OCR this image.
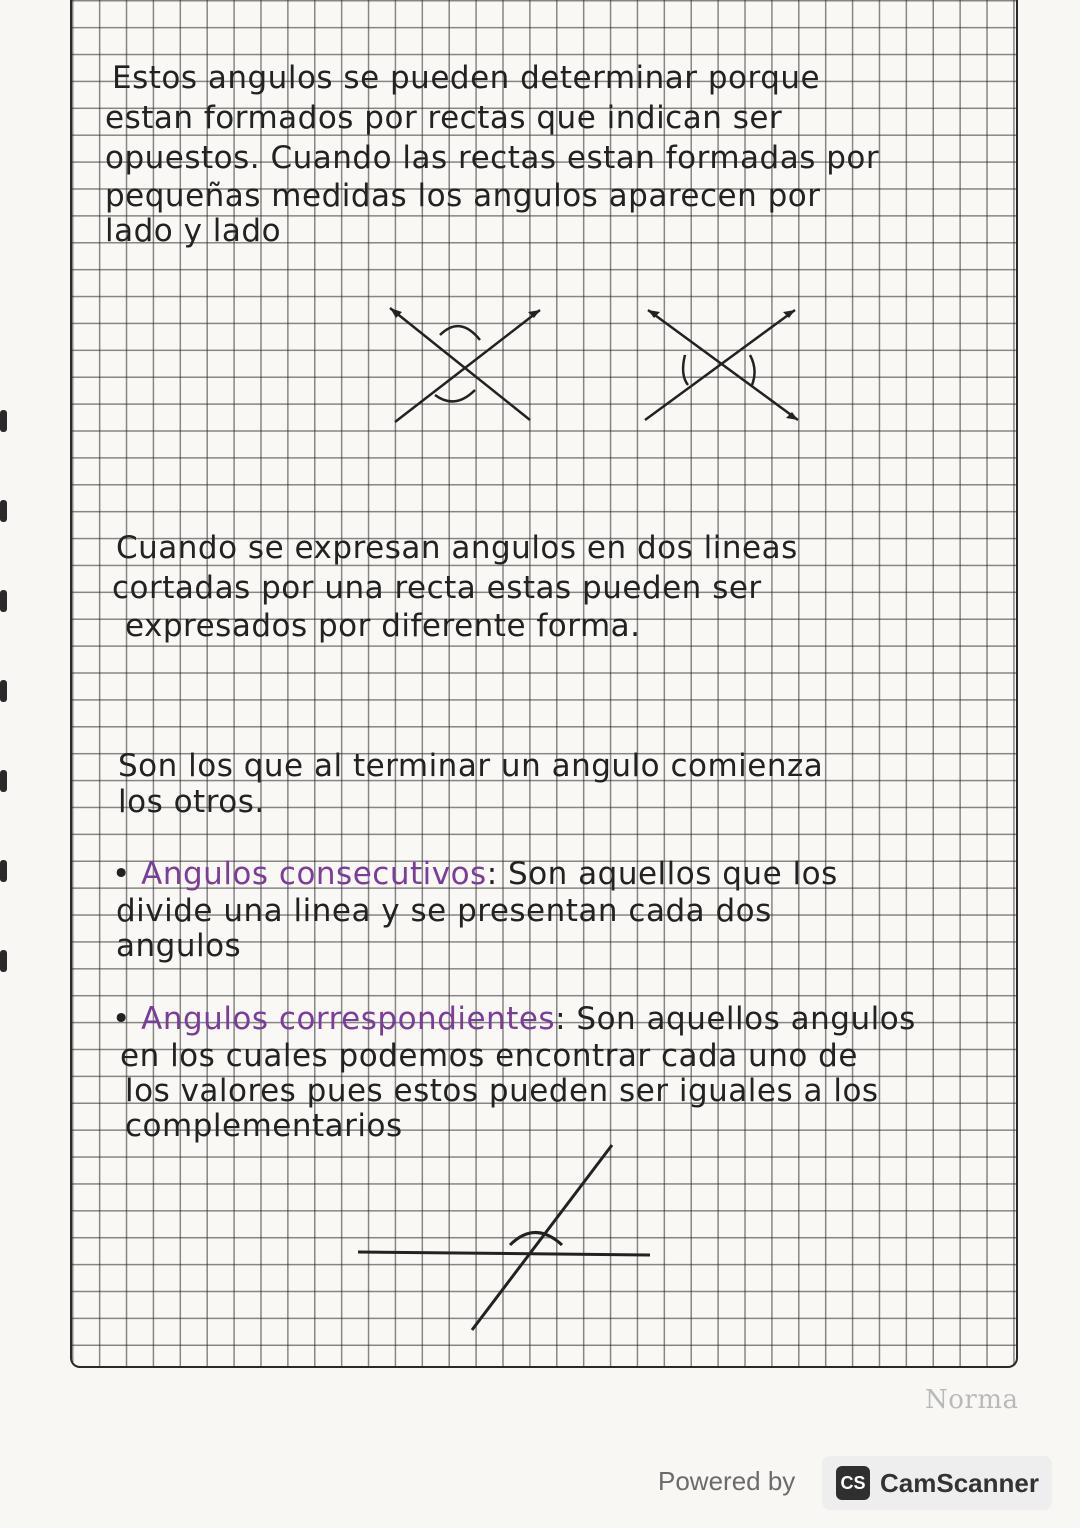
Estos angulos se pueden determinar porque
estan formados por rectas que indican ser
opuestos. Cuando las rectas estan formadas por
pequeñas medidas los angulos aparecen por
lado y lado
Cuando se expresan angulos en dos lineas
cortadas por una recta estas pueden ser
expresados por diferente forma.
Son los que al terminar un angulo comienza
los otros.
• Angulos consecutivos: Son aquellos que los
divide una linea y se presentan cada dos
angulos
• Angulos correspondientes: Son aquellos angulos
en los cuales podemos encontrar cada uno de
los valores pues estos pueden ser iguales a los
complementarios
Norma
Powered by	CS CamScanner
